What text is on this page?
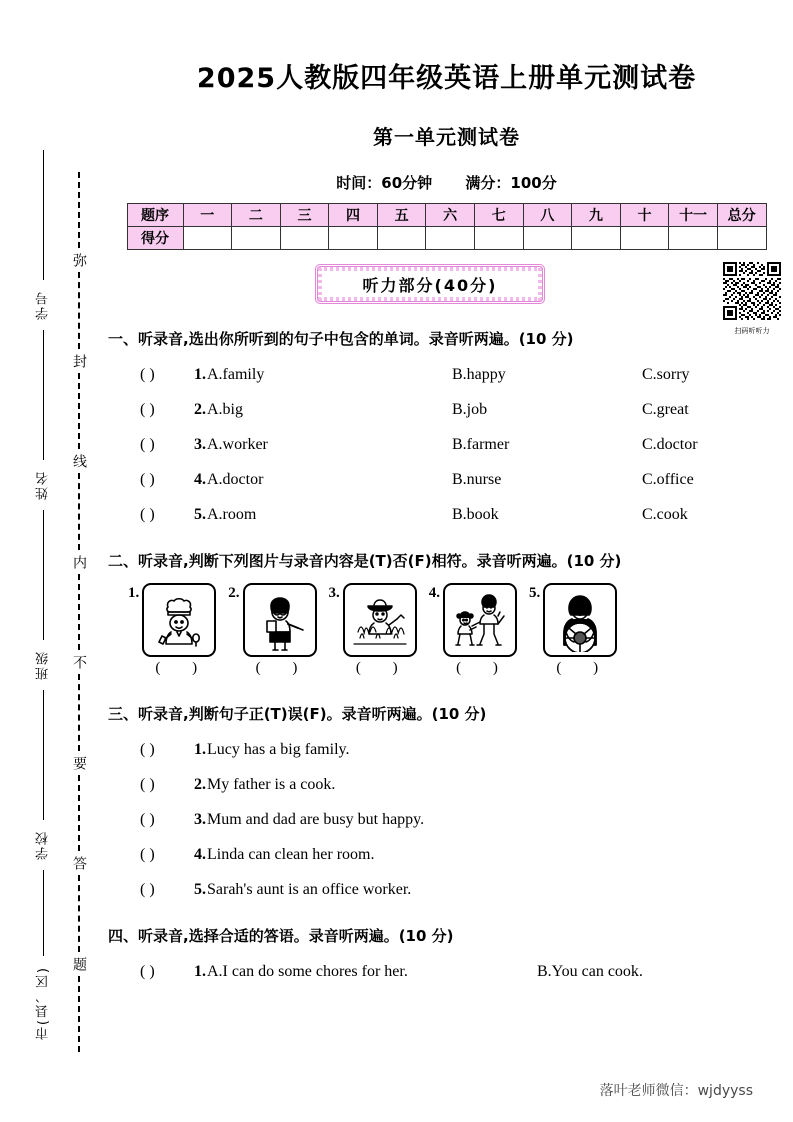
学号
姓名
班级
学校
市(县、区)
弥
封
线
内
不
要
答
题
2025人教版四年级英语上册单元测试卷
第一单元测试卷
时间：60分钟 满分：100分
题序	一	二	三	四	五	六	七	八	九	十	十一	总分
得分												
听力部分(40分)
扫码听听力
一、听录音,选出你所听到的句子中包含的单词。录音听两遍。(10 分)
( )	1. A.family	B.happy	C.sorry
( )	2. A.big	B.job	C.great
( )	3. A.worker	B.farmer	C.doctor
( )	4. A.doctor	B.nurse	C.office
( )	5. A.room	B.book	C.cook
二、听录音,判断下列图片与录音内容是(T)否(F)相符。录音听两遍。(10 分)
1.
( )
2.
( )
3.
( )
4.
( )
5.
( )
三、听录音,判断句子正(T)误(F)。录音听两遍。(10 分)
( )	1. Lucy has a big family.
( )	2. My father is a cook.
( )	3. Mum and dad are busy but happy.
( )	4. Linda can clean her room.
( )	5. Sarah's aunt is an office worker.
四、听录音,选择合适的答语。录音听两遍。(10 分)
( )	1. A.I can do some chores for her.	B.You can cook.
落叶老师微信：wjdyyss
